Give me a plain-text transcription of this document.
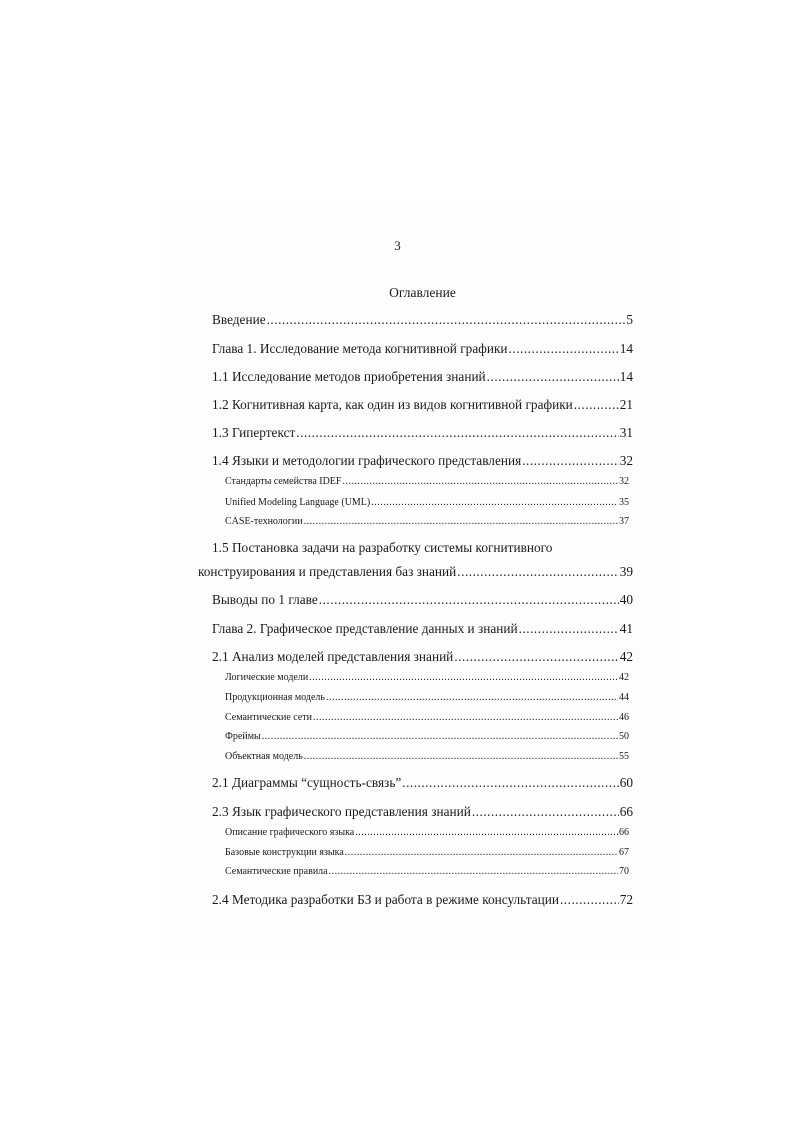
3
Оглавление
Введение .....	5
Глава 1. Исследование метода когнитивной графики .....	14
1.1 Исследование методов приобретения знаний .....	14
1.2 Когнитивная карта, как один из видов когнитивной графики .....	21
1.3 Гипертекст .....	31
1.4 Языки и методологии графического представления .....	32
Стандарты семейства IDEF .....	32
Unified Modeling Language (UML) .....	35
CASE-технологии .....	37
1.5 Постановка задачи на разработку системы когнитивного
конструирования и представления баз знаний .....	39
Выводы по 1 главе .....	40
Глава 2. Графическое представление данных и знаний .....	41
2.1 Анализ моделей представления знаний .....	42
Логические модели .....	42
Продукционная модель .....	44
Семантические сети .....	46
Фреймы .....	50
Объектная модель .....	55
2.1 Диаграммы “сущность-связь” .....	60
2.3 Язык графического представления знаний .....	66
Описание графического языка .....	66
Базовые конструкции языка .....	67
Семантические правила .....	70
2.4 Методика разработки БЗ и работа в режиме консультации .....	72
